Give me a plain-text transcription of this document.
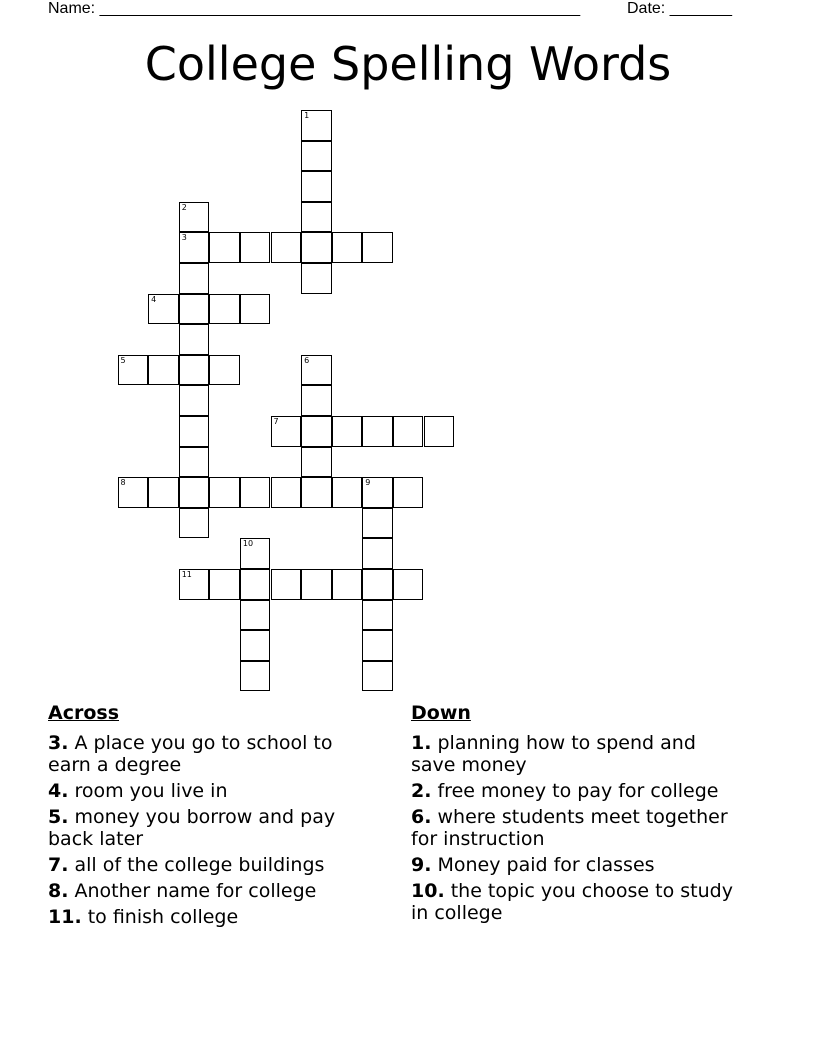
Name: ______________________________________________________	Date: _______
College Spelling Words
1
2
3
4
5	6
7
8	9
10
11
Across
3. A place you go to school to earn a degree
4. room you live in
5. money you borrow and pay back later
7. all of the college buildings
8. Another name for college
11. to finish college
Down
1. planning how to spend and save money
2. free money to pay for college
6. where students meet together for instruction
9. Money paid for classes
10. the topic you choose to study in college
